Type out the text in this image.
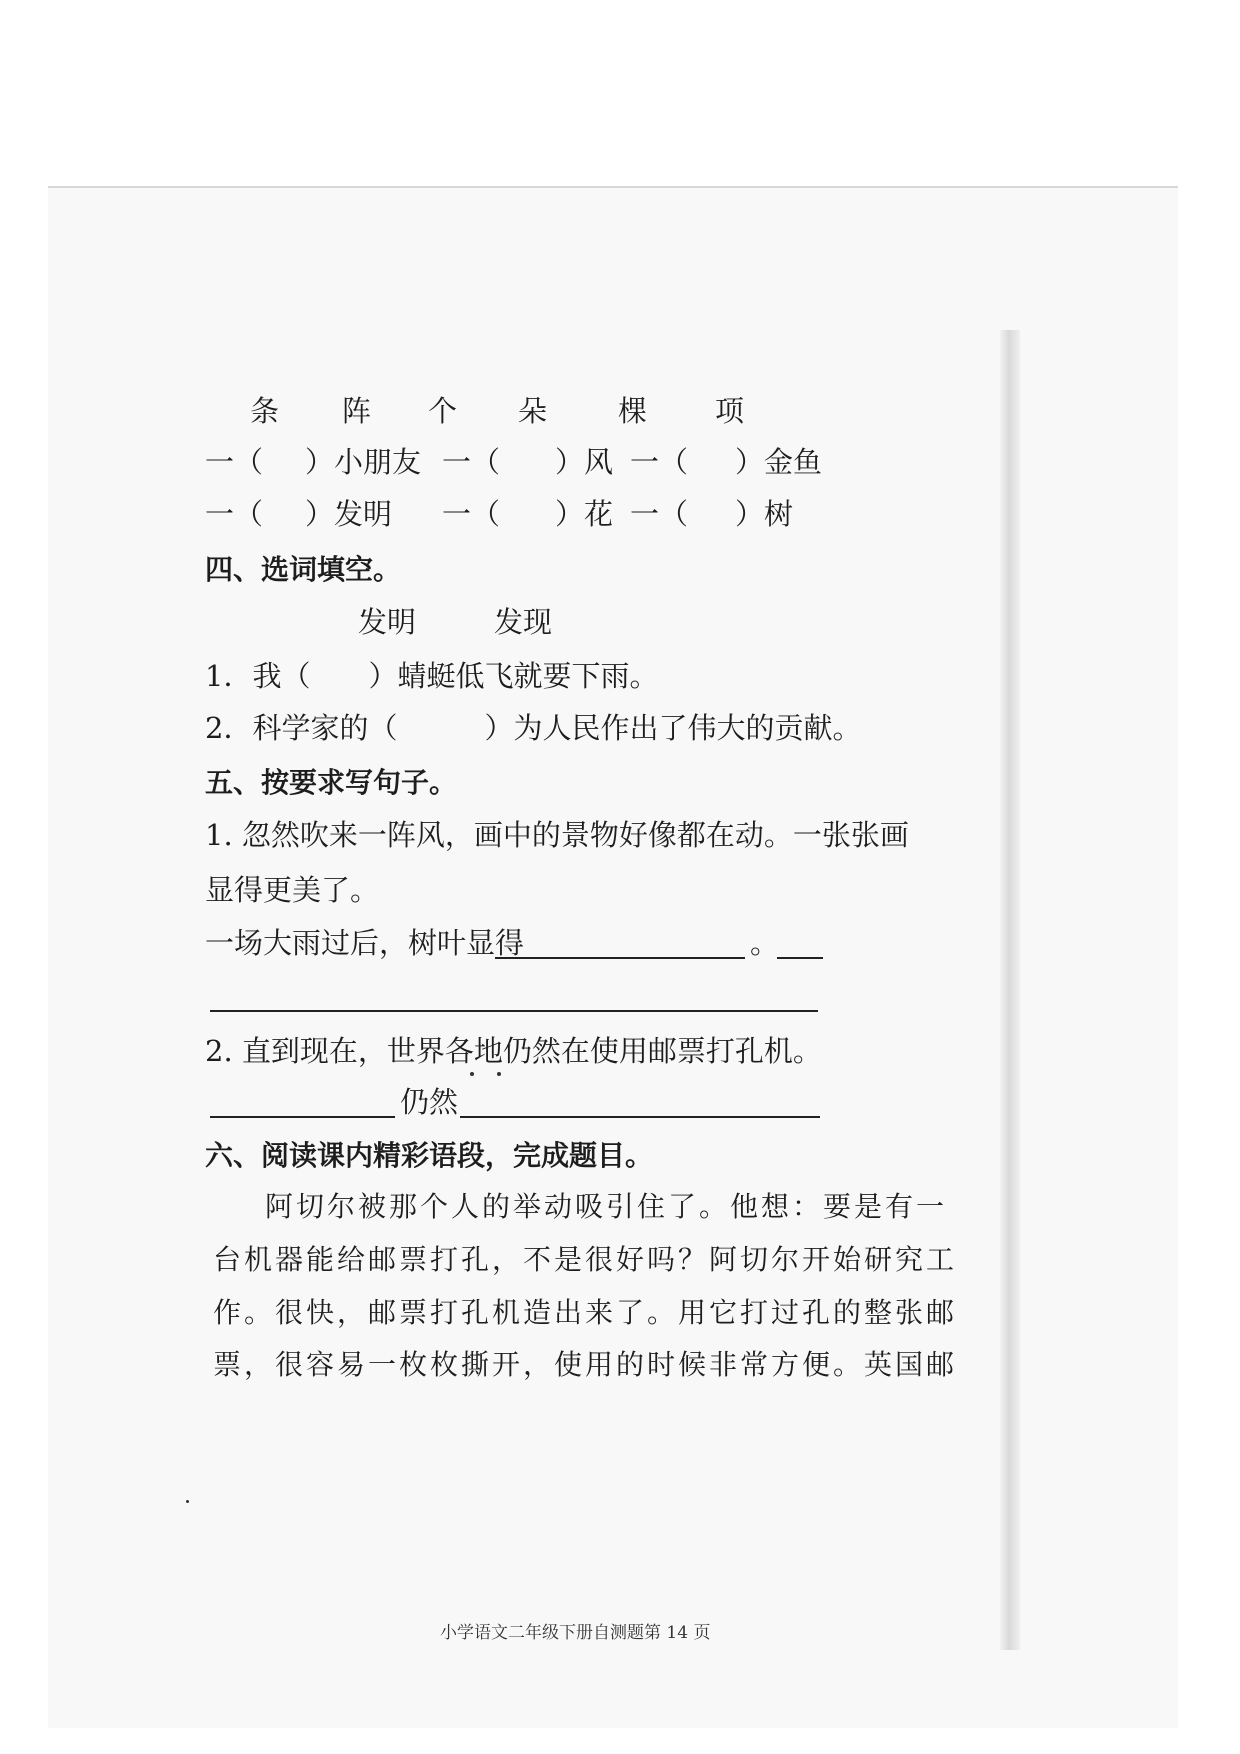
条 阵 个 朵 棵 项
一（ ）小朋友 一（ ）风 一（ ）金鱼
一（ ）发明 一（ ）花 一（ ）树
四、选词填空。
发明	发现
1．我（　　）蜻蜓低飞就要下雨。
2．科学家的（　　　）为人民作出了伟大的贡献。
五、按要求写句子。
1. 忽然吹来一阵风，画中的景物好像都在动。一张张画
显得更美了。
一场大雨过后，树叶显得	。
2. 直到现在，世界各地仍然在使用邮票打孔机。
仍然
六、阅读课内精彩语段，完成题目。
阿切尔被那个人的举动吸引住了。他想：要是有一
台机器能给邮票打孔，不是很好吗？阿切尔开始研究工
作。很快，邮票打孔机造出来了。用它打过孔的整张邮
票，很容易一枚枚撕开，使用的时候非常方便。英国邮
小学语文二年级下册自测题第 14 页
